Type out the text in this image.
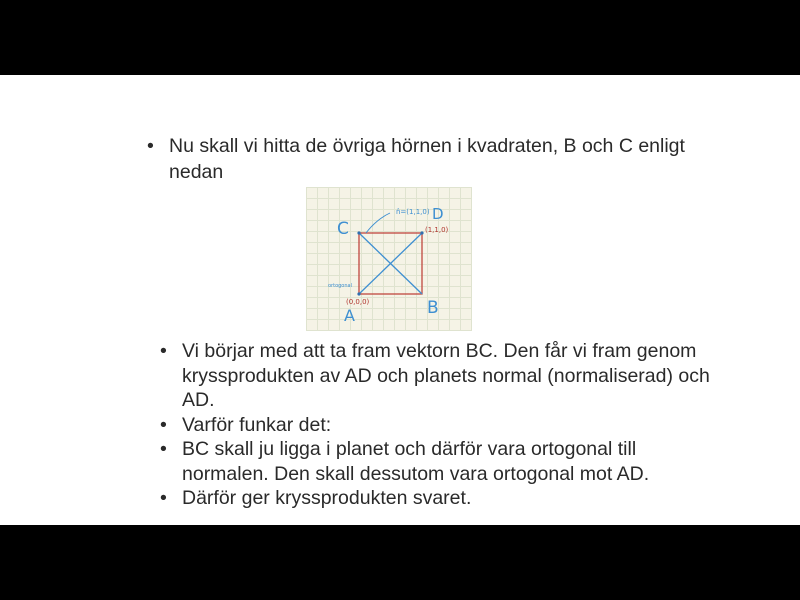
• Nu skall vi hitta de övriga hörnen i kvadraten, B och C enligt nedan
n̂=(1,1,0)
C
D
(1,1,0)
A
(0,0,0)
ortogonal
B
• Vi börjar med att ta fram vektorn BC. Den får vi fram genom kryssprodukten av AD och planets normal (normaliserad) och AD.
• Varför funkar det:
• BC skall ju ligga i planet och därför vara ortogonal till normalen. Den skall dessutom vara ortogonal mot AD.
• Därför ger kryssprodukten svaret.
